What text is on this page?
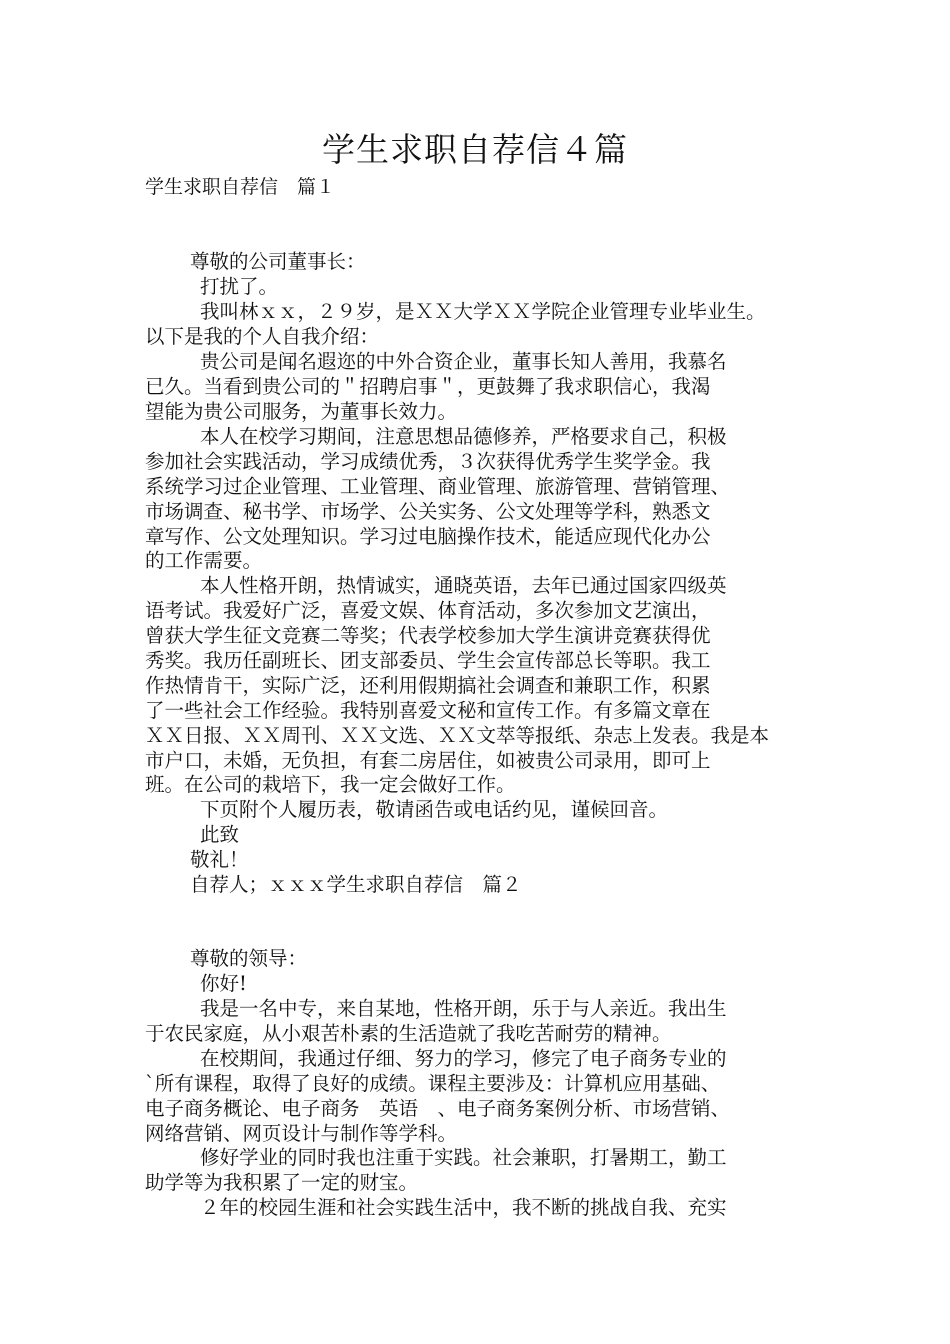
学生求职自荐信４篇
学生求职自荐信　篇１
尊敬的公司董事长：
打扰了。
我叫林ｘｘ，２９岁，是ＸＸ大学ＸＸ学院企业管理专业毕业生。
以下是我的个人自我介绍：
贵公司是闻名遐迩的中外合资企业，董事长知人善用，我慕名
已久。当看到贵公司的＂招聘启事＂，更鼓舞了我求职信心，我渴
望能为贵公司服务，为董事长效力。
本人在校学习期间，注意思想品德修养，严格要求自己，积极
参加社会实践活动，学习成绩优秀，３次获得优秀学生奖学金。我
系统学习过企业管理、工业管理、商业管理、旅游管理、营销管理、
市场调查、秘书学、市场学、公关实务、公文处理等学科，熟悉文
章写作、公文处理知识。学习过电脑操作技术，能适应现代化办公
的工作需要。
本人性格开朗，热情诚实，通晓英语，去年已通过国家四级英
语考试。我爱好广泛，喜爱文娱、体育活动，多次参加文艺演出，
曾获大学生征文竞赛二等奖；代表学校参加大学生演讲竞赛获得优
秀奖。我历任副班长、团支部委员、学生会宣传部总长等职。我工
作热情肯干，实际广泛，还利用假期搞社会调查和兼职工作，积累
了一些社会工作经验。我特别喜爱文秘和宣传工作。有多篇文章在
ＸＸ日报、ＸＸ周刊、ＸＸ文选、ＸＸ文萃等报纸、杂志上发表。我是本
市户口，未婚，无负担，有套二房居住，如被贵公司录用，即可上
班。在公司的栽培下，我一定会做好工作。
下页附个人履历表，敬请函告或电话约见，谨候回音。
此致
敬礼！
自荐人；ｘｘｘ学生求职自荐信　篇２
尊敬的领导：
你好!
我是一名中专，来自某地，性格开朗，乐于与人亲近。我出生
于农民家庭，从小艰苦朴素的生活造就了我吃苦耐劳的精神。
在校期间，我通过仔细、努力的学习，修完了电子商务专业的
`所有课程，取得了良好的成绩。课程主要涉及：计算机应用基础、
电子商务概论、电子商务　英语　、电子商务案例分析、市场营销、
网络营销、网页设计与制作等学科。
修好学业的同时我也注重于实践。社会兼职，打暑期工，勤工
助学等为我积累了一定的财宝。
２年的校园生涯和社会实践生活中，我不断的挑战自我、充实
